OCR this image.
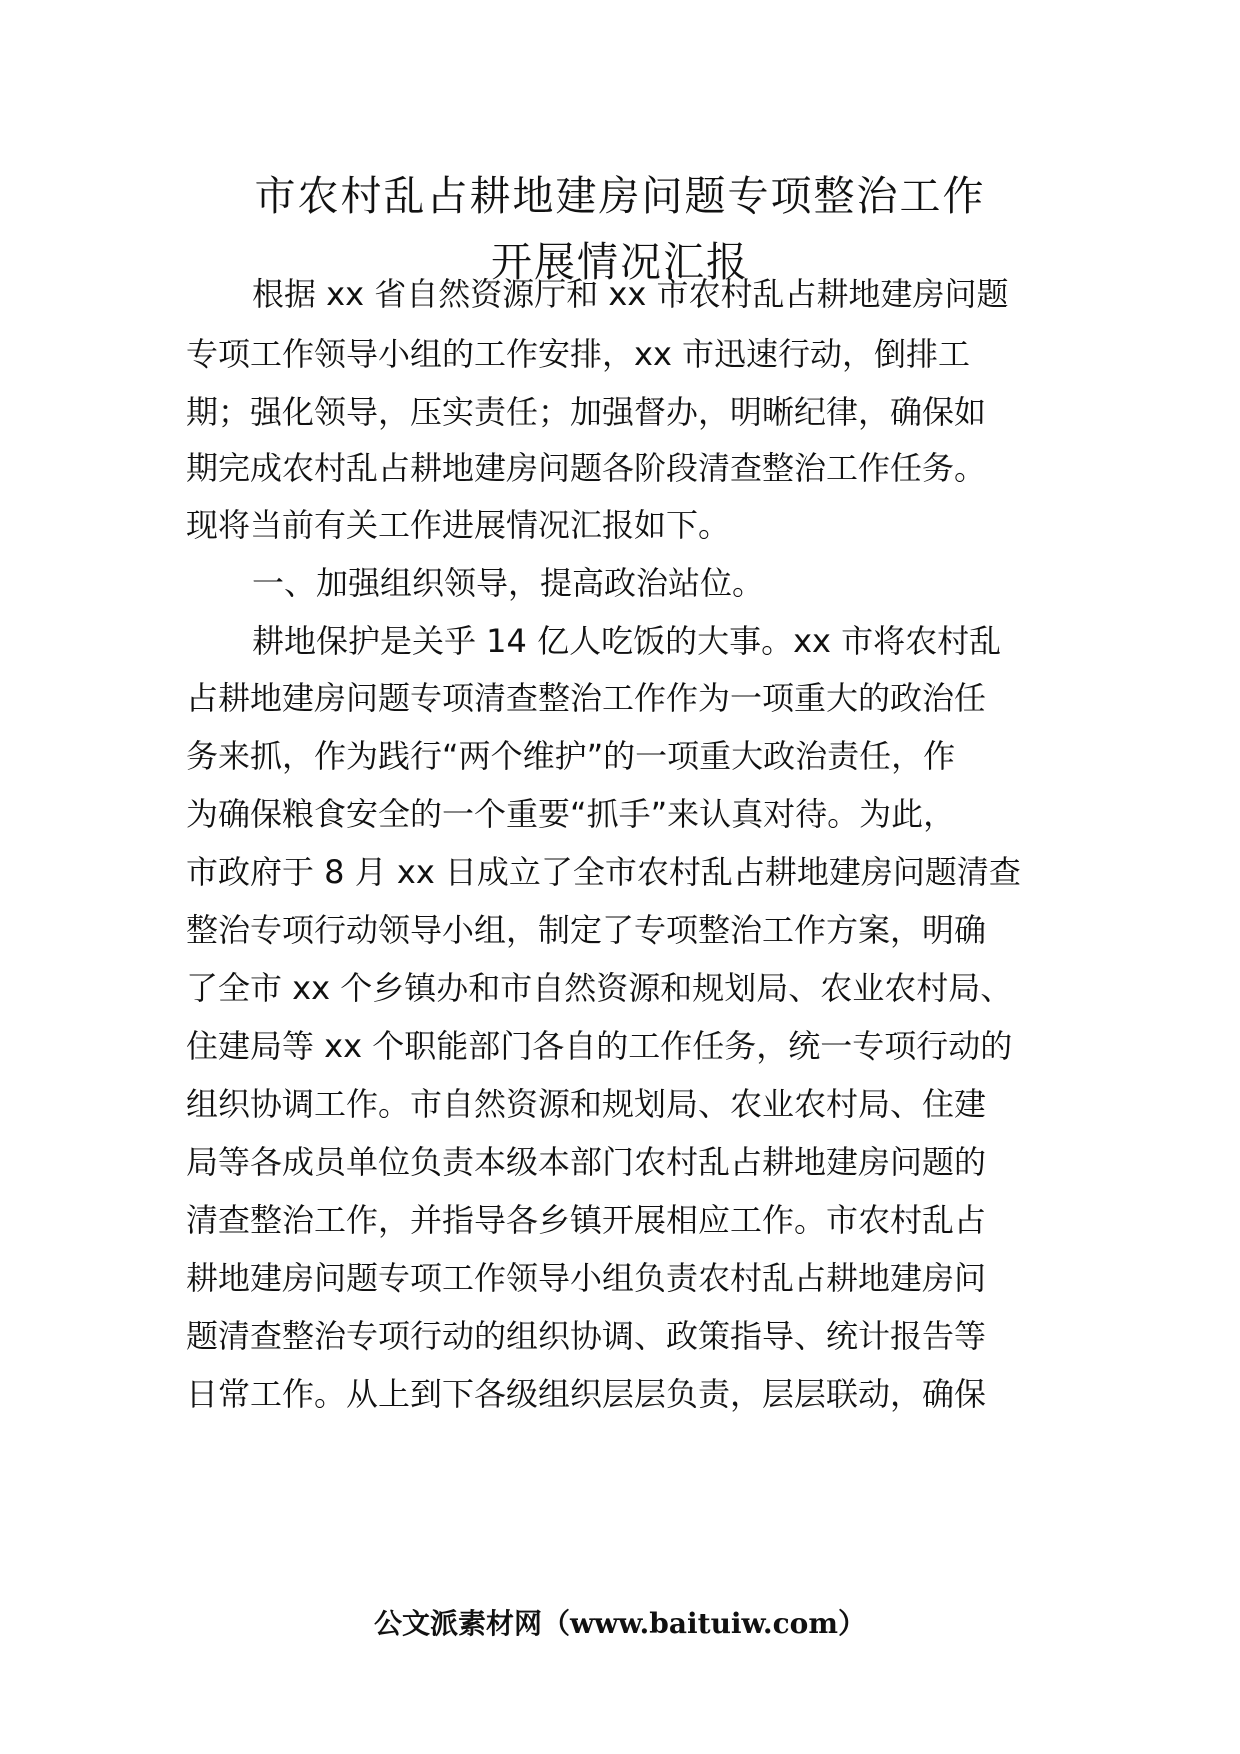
市农村乱占耕地建房问题专项整治工作
开展情况汇报
根据 xx 省自然资源厅和 xx 市农村乱占耕地建房问题
专项工作领导小组的工作安排，xx 市迅速行动，倒排工
期；强化领导，压实责任；加强督办，明晰纪律，确保如
期完成农村乱占耕地建房问题各阶段清查整治工作任务。
现将当前有关工作进展情况汇报如下。
一、加强组织领导，提高政治站位。
耕地保护是关乎 14 亿人吃饭的大事。xx 市将农村乱
占耕地建房问题专项清查整治工作作为一项重大的政治任
务来抓，作为践行“两个维护”的一项重大政治责任，作
为确保粮食安全的一个重要“抓手”来认真对待。为此，
市政府于 8 月 xx 日成立了全市农村乱占耕地建房问题清查
整治专项行动领导小组，制定了专项整治工作方案，明确
了全市 xx 个乡镇办和市自然资源和规划局、农业农村局、
住建局等 xx 个职能部门各自的工作任务，统一专项行动的
组织协调工作。市自然资源和规划局、农业农村局、住建
局等各成员单位负责本级本部门农村乱占耕地建房问题的
清查整治工作，并指导各乡镇开展相应工作。市农村乱占
耕地建房问题专项工作领导小组负责农村乱占耕地建房问
题清查整治专项行动的组织协调、政策指导、统计报告等
日常工作。从上到下各级组织层层负责，层层联动，确保
公文派素材网（www.baituiw.com）
